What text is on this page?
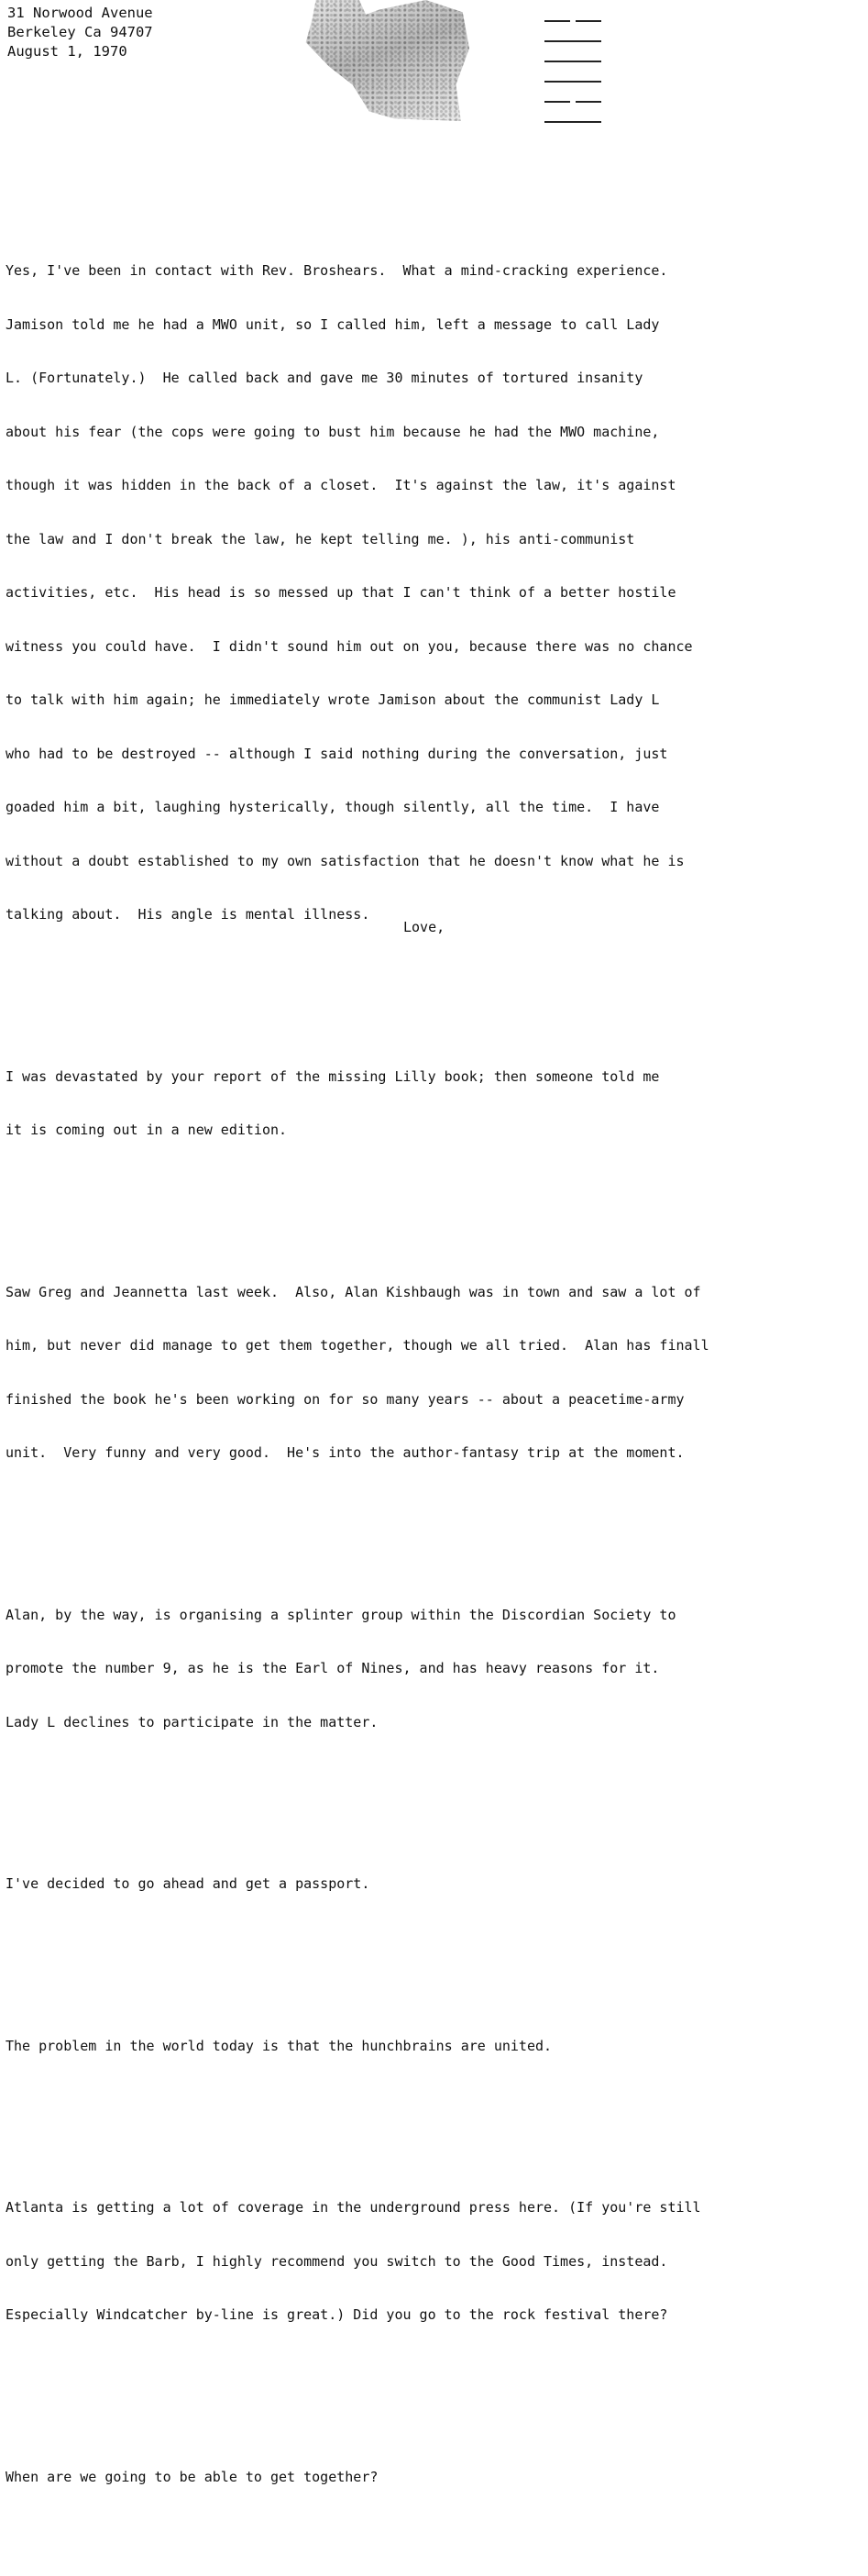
31 Norwood Avenue
Berkeley Ca 94707
August 1, 1970

Yes, I've been in contact with Rev. Broshears.  What a mind-cracking experience.

Jamison told me he had a MWO unit, so I called him, left a message to call Lady

L. (Fortunately.)  He called back and gave me 30 minutes of tortured insanity

about his fear (the cops were going to bust him because he had the MWO machine,

though it was hidden in the back of a closet.  It's against the law, it's against

the law and I don't break the law, he kept telling me. ), his anti-communist

activities, etc.  His head is so messed up that I can't think of a better hostile

witness you could have.  I didn't sound him out on you, because there was no chance

to talk with him again; he immediately wrote Jamison about the communist Lady L

who had to be destroyed -- although I said nothing during the conversation, just

goaded him a bit, laughing hysterically, though silently, all the time.  I have

without a doubt established to my own satisfaction that he doesn't know what he is

talking about.  His angle is mental illness.

I was devastated by your report of the missing Lilly book; then someone told me

it is coming out in a new edition.

Saw Greg and Jeannetta last week.  Also, Alan Kishbaugh was in town and saw a lot of

him, but never did manage to get them together, though we all tried.  Alan has finall

finished the book he's been working on for so many years -- about a peacetime-army

unit.  Very funny and very good.  He's into the author-fantasy trip at the moment.

Alan, by the way, is organising a splinter group within the Discordian Society to

promote the number 9, as he is the Earl of Nines, and has heavy reasons for it.

Lady L declines to participate in the matter.

I've decided to go ahead and get a passport.

The problem in the world today is that the hunchbrains are united.

Atlanta is getting a lot of coverage in the underground press here. (If you're still

only getting the Barb, I highly recommend you switch to the Good Times, instead.

Especially Windcatcher by-line is great.) Did you go to the rock festival there?

When are we going to be able to get together?

Love,
